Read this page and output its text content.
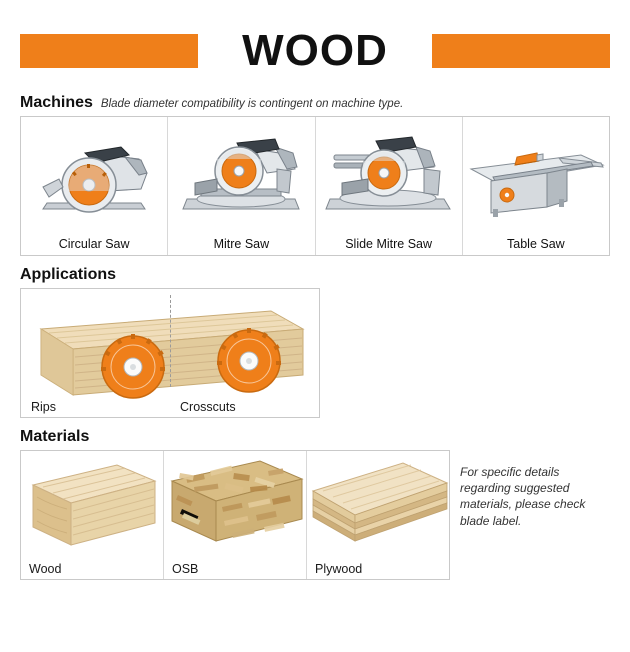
WOOD
Machines Blade diameter compatibility is contingent on machine type.
Circular Saw	Mitre Saw	Slide Mitre Saw	Table Saw
Applications
Rips	Crosscuts
Materials
Wood	OSB	Plywood
For specific details regarding suggested materials, please check blade label.
